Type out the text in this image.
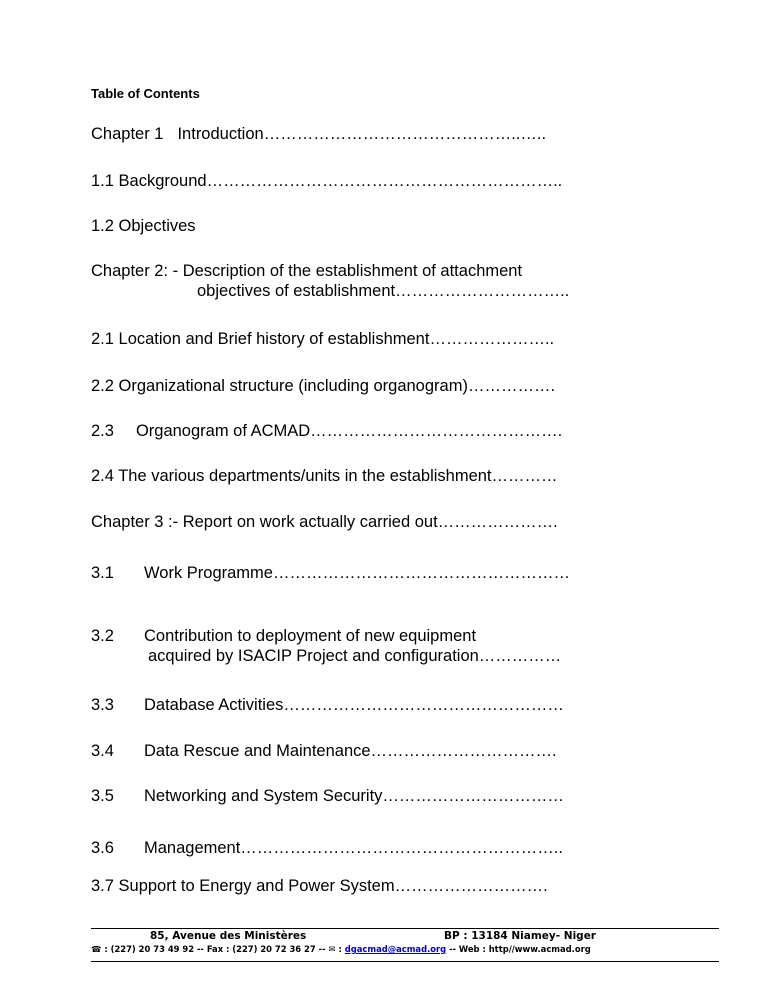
Table of Contents
Chapter 1 Introduction………………………………………..…..
1.1 Background………………………………………………………..
1.2 Objectives
Chapter 2: - Description of the establishment of attachment
objectives of establishment…………………………..
2.1 Location and Brief history of establishment…………………..
2.2 Organizational structure (including organogram)…………….
2.3 Organogram of ACMAD……………………………………….
2.4 The various departments/units in the establishment…………
Chapter 3 :- Report on work actually carried out………………….
3.1 Work Programme………………………………………………
3.2 Contribution to deployment of new equipment
acquired by ISACIP Project and configuration……………
3.3 Database Activities……………………………………………
3.4 Data Rescue and Maintenance…………………………….
3.5 Networking and System Security……………………………
3.6 Management…………………………………………………..
3.7 Support to Energy and Power System……………………….
85, Avenue des Ministères	BP : 13184 Niamey- Niger
☎ : (227) 20 73 49 92 -- Fax : (227) 20 72 36 27 -- ✉ : dgacmad@acmad.org -- Web : http//www.acmad.org
